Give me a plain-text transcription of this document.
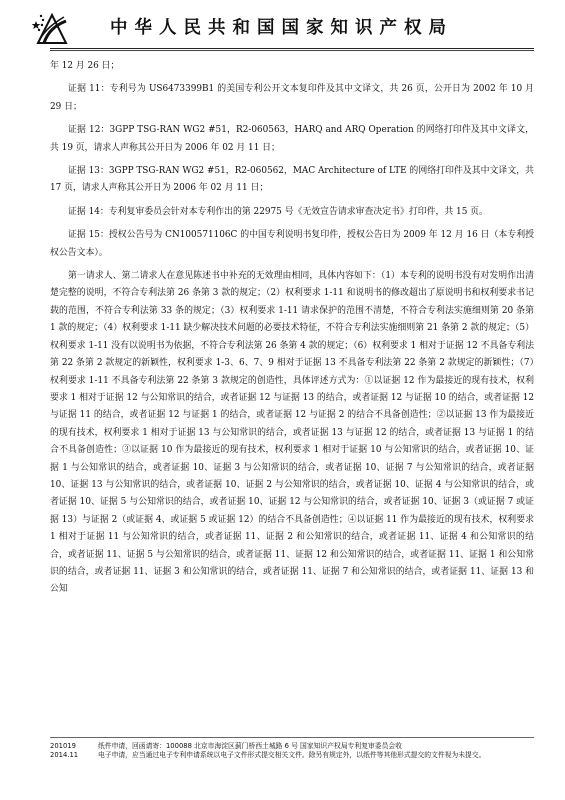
中华人民共和国国家知识产权局

年 12 月 26 日；

证据 11：专利号为 US6473399B1 的美国专利公开文本复印件及其中文译文，共 26 页，公开日为 2002 年 10 月 29 日；

证据 12：3GPP TSG-RAN WG2 #51，R2-060563，HARQ and ARQ Operation 的网络打印件及其中文译文，共 19 页，请求人声称其公开日为 2006 年 02 月 11 日；

证据 13：3GPP TSG-RAN WG2 #51，R2-060562，MAC Architecture of LTE 的网络打印件及其中文译文，共 17 页，请求人声称其公开日为 2006 年 02 月 11 日；

证据 14：专利复审委员会针对本专利作出的第 22975 号《无效宣告请求审查决定书》打印件，共 15 页。

证据 15：授权公告号为 CN100571106C 的中国专利说明书复印件，授权公告日为 2009 年 12 月 16 日（本专利授权公告文本）。

第一请求人、第二请求人在意见陈述书中补充的无效理由相同，具体内容如下：（1）本专利的说明书没有对发明作出清楚完整的说明，不符合专利法第 26 条第 3 款的规定；（2）权利要求 1-11 和说明书的修改超出了原说明书和权利要求书记载的范围，不符合专利法第 33 条的规定；（3）权利要求 1-11 请求保护的范围不清楚，不符合专利法实施细则第 20 条第 1 款的规定；（4）权利要求 1-11 缺少解决技术问题的必要技术特征，不符合专利法实施细则第 21 条第 2 款的规定；（5）权利要求 1-11 没有以说明书为依据，不符合专利法第 26 条第 4 款的规定；（6）权利要求 1 相对于证据 12 不具备专利法第 22 条第 2 款规定的新颖性，权利要求 1-3、6、7、9 相对于证据 13 不具备专利法第 22 条第 2 款规定的新颖性；（7）权利要求 1-11 不具备专利法第 22 条第 3 款规定的创造性，具体评述方式为：①以证据 12 作为最接近的现有技术，权利要求 1 相对于证据 12 与公知常识的结合，或者证据 12 与证据 13 的结合，或者证据 12 与证据 10 的结合，或者证据 12 与证据 11 的结合，或者证据 12 与证据 1 的结合，或者证据 12 与证据 2 的结合不具备创造性；②以证据 13 作为最接近的现有技术，权利要求 1 相对于证据 13 与公知常识的结合，或者证据 13 与证据 12 的结合，或者证据 13 与证据 1 的结合不具备创造性；③以证据 10 作为最接近的现有技术，权利要求 1 相对于证据 10 与公知常识的结合，或者证据 10、证据 1 与公知常识的结合，或者证据 10、证据 3 与公知常识的结合，或者证据 10、证据 7 与公知常识的结合，或者证据 10、证据 13 与公知常识的结合，或者证据 10、证据 2 与公知常识的结合，或者证据 10、证据 4 与公知常识的结合，或者证据 10、证据 5 与公知常识的结合，或者证据 10、证据 12 与公知常识的结合，或者证据 10、证据 3（或证据 7 或证据 13）与证据 2（或证据 4、或证据 5 或证据 12）的结合不具备创造性；④以证据 11 作为最接近的现有技术，权利要求 1 相对于证据 11 与公知常识的结合，或者证据 11、证据 2 和公知常识的结合，或者证据 11、证据 4 和公知常识的结合，或者证据 11、证据 5 与公知常识的结合，或者证据 11、证据 12 和公知常识的结合，或者证据 11、证据 1 和公知常识的结合，或者证据 11、证据 3 和公知常识的结合，或者证据 11、证据 7 和公知常识的结合，或者证据 11、证据 13 和公知

201019	纸件申请，回函请寄：100088 北京市海淀区蓟门桥西土城路 6 号 国家知识产权局专利复审委员会收
2014.11	电子申请，应当通过电子专利申请系统以电子文件形式提交相关文件。除另有规定外，以纸件等其他形式提交的文件视为未提交。
